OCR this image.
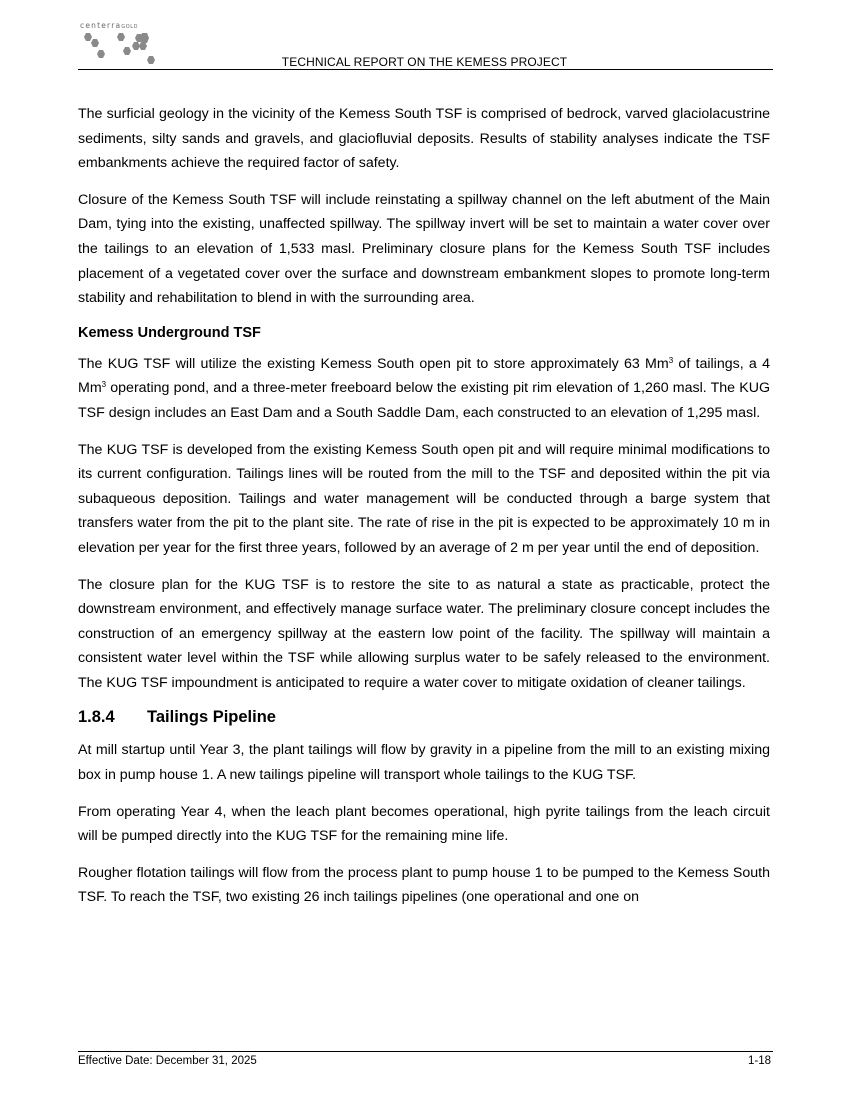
centerraGOLD
TECHNICAL REPORT ON THE KEMESS PROJECT

The surficial geology in the vicinity of the Kemess South TSF is comprised of bedrock, varved glaciolacustrine sediments, silty sands and gravels, and glaciofluvial deposits. Results of stability analyses indicate the TSF embankments achieve the required factor of safety.

Closure of the Kemess South TSF will include reinstating a spillway channel on the left abutment of the Main Dam, tying into the existing, unaffected spillway. The spillway invert will be set to maintain a water cover over the tailings to an elevation of 1,533 masl. Preliminary closure plans for the Kemess South TSF includes placement of a vegetated cover over the surface and downstream embankment slopes to promote long-term stability and rehabilitation to blend in with the surrounding area.

Kemess Underground TSF

The KUG TSF will utilize the existing Kemess South open pit to store approximately 63 Mm$^3$ of tailings, a 4 Mm$^3$ operating pond, and a three-meter freeboard below the existing pit rim elevation of 1,260 masl. The KUG TSF design includes an East Dam and a South Saddle Dam, each constructed to an elevation of 1,295 masl.

The KUG TSF is developed from the existing Kemess South open pit and will require minimal modifications to its current configuration. Tailings lines will be routed from the mill to the TSF and deposited within the pit via subaqueous deposition. Tailings and water management will be conducted through a barge system that transfers water from the pit to the plant site. The rate of rise in the pit is expected to be approximately 10 m in elevation per year for the first three years, followed by an average of 2 m per year until the end of deposition.

The closure plan for the KUG TSF is to restore the site to as natural a state as practicable, protect the downstream environment, and effectively manage surface water. The preliminary closure concept includes the construction of an emergency spillway at the eastern low point of the facility. The spillway will maintain a consistent water level within the TSF while allowing surplus water to be safely released to the environment. The KUG TSF impoundment is anticipated to require a water cover to mitigate oxidation of cleaner tailings.

1.8.4 Tailings Pipeline

At mill startup until Year 3, the plant tailings will flow by gravity in a pipeline from the mill to an existing mixing box in pump house 1. A new tailings pipeline will transport whole tailings to the KUG TSF.

From operating Year 4, when the leach plant becomes operational, high pyrite tailings from the leach circuit will be pumped directly into the KUG TSF for the remaining mine life.

Rougher flotation tailings will flow from the process plant to pump house 1 to be pumped to the Kemess South TSF. To reach the TSF, two existing 26 inch tailings pipelines (one operational and one on

Effective Date: December 31, 2025	1-18
